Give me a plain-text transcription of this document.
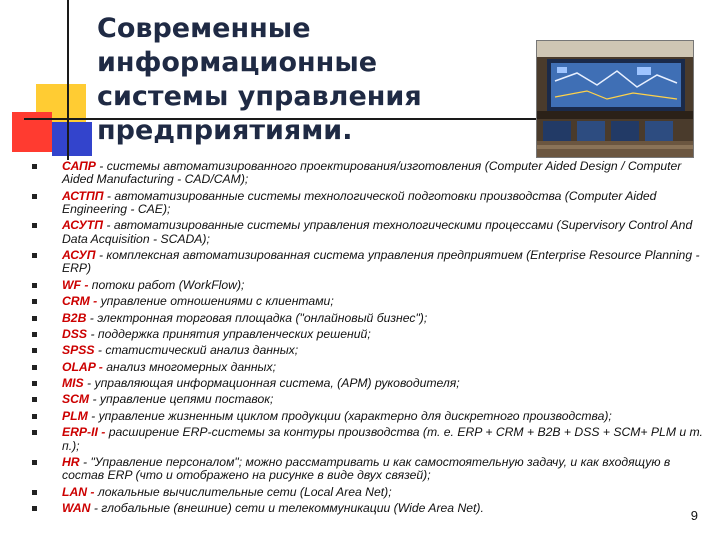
Современные информационные
системы управления
предприятиями.
САПР - системы автоматизированного проектирования/изготовления (Computer Aided Design / Computer Aided Manufacturing - CAD/CAM);
АСТПП - автоматизированные системы технологической подготовки производства (Computer Aided Engineering - CAE);
АСУТП - автоматизированные системы управления технологическими процессами (Supervisory Control And Data Acquisition - SCADA);
АСУП - комплексная автоматизированная система управления предприятием (Enterprise Resource Planning - ERP)
WF - потоки работ (WorkFlow);
CRM - управление отношениями с клиентами;
B2B - электронная торговая площадка ("онлайновый бизнес");
DSS - поддержка принятия управленческих решений;
SPSS - статистический анализ данных;
OLAP - анализ многомерных данных;
MIS - управляющая информационная система, (АРМ) руководителя;
SCM - управление цепями поставок;
PLM - управление жизненным циклом продукции (характерно для дискретного производства);
ERP-II - расширение ERP-системы за контуры производства (т. е. ERP + CRM + B2B + DSS + SCM+ PLM и т. п.);
HR - "Управление персоналом"; можно рассматривать и как самостоятельную задачу, и как входящую в состав ERP (что и отображено на рисунке в виде двух связей);
LAN - локальные вычислительные сети (Local Area Net);
WAN - глобальные (внешние) сети и телекоммуникации (Wide Area Net).	9
